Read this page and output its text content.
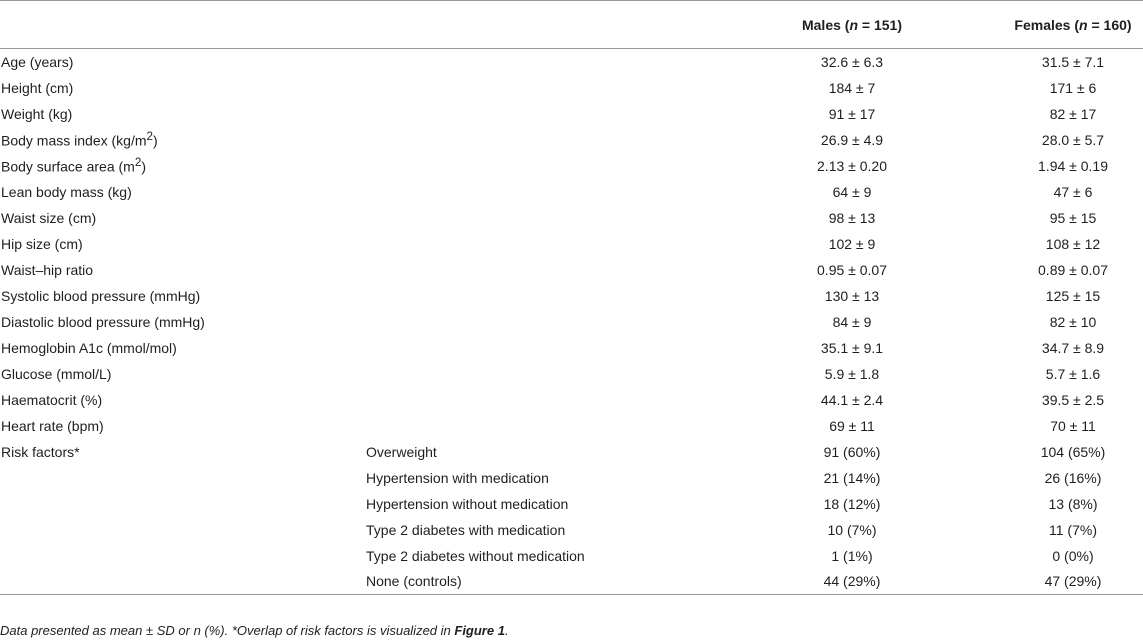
		Males (n = 151)	Females (n = 160)
Age (years)		32.6 ± 6.3	31.5 ± 7.1
Height (cm)		184 ± 7	171 ± 6
Weight (kg)		91 ± 17	82 ± 17
Body mass index $(kg/m^2)$		26.9 ± 4.9	28.0 ± 5.7
Body surface area $(m^2)$		2.13 ± 0.20	1.94 ± 0.19
Lean body mass (kg)		64 ± 9	47 ± 6
Waist size (cm)		98 ± 13	95 ± 15
Hip size (cm)		102 ± 9	108 ± 12
Waist–hip ratio		0.95 ± 0.07	0.89 ± 0.07
Systolic blood pressure (mmHg)		130 ± 13	125 ± 15
Diastolic blood pressure (mmHg)		84 ± 9	82 ± 10
Hemoglobin A1c (mmol/mol)		35.1 ± 9.1	34.7 ± 8.9
Glucose (mmol/L)		5.9 ± 1.8	5.7 ± 1.6
Haematocrit (%)		44.1 ± 2.4	39.5 ± 2.5
Heart rate (bpm)		69 ± 11	70 ± 11
Risk factors*	Overweight	91 (60%)	104 (65%)
	Hypertension with medication	21 (14%)	26 (16%)
	Hypertension without medication	18 (12%)	13 (8%)
	Type 2 diabetes with medication	10 (7%)	11 (7%)
	Type 2 diabetes without medication	1 (1%)	0 (0%)
	None (controls)	44 (29%)	47 (29%)
Data presented as mean ± SD or n (%). *Overlap of risk factors is visualized in Figure 1.
